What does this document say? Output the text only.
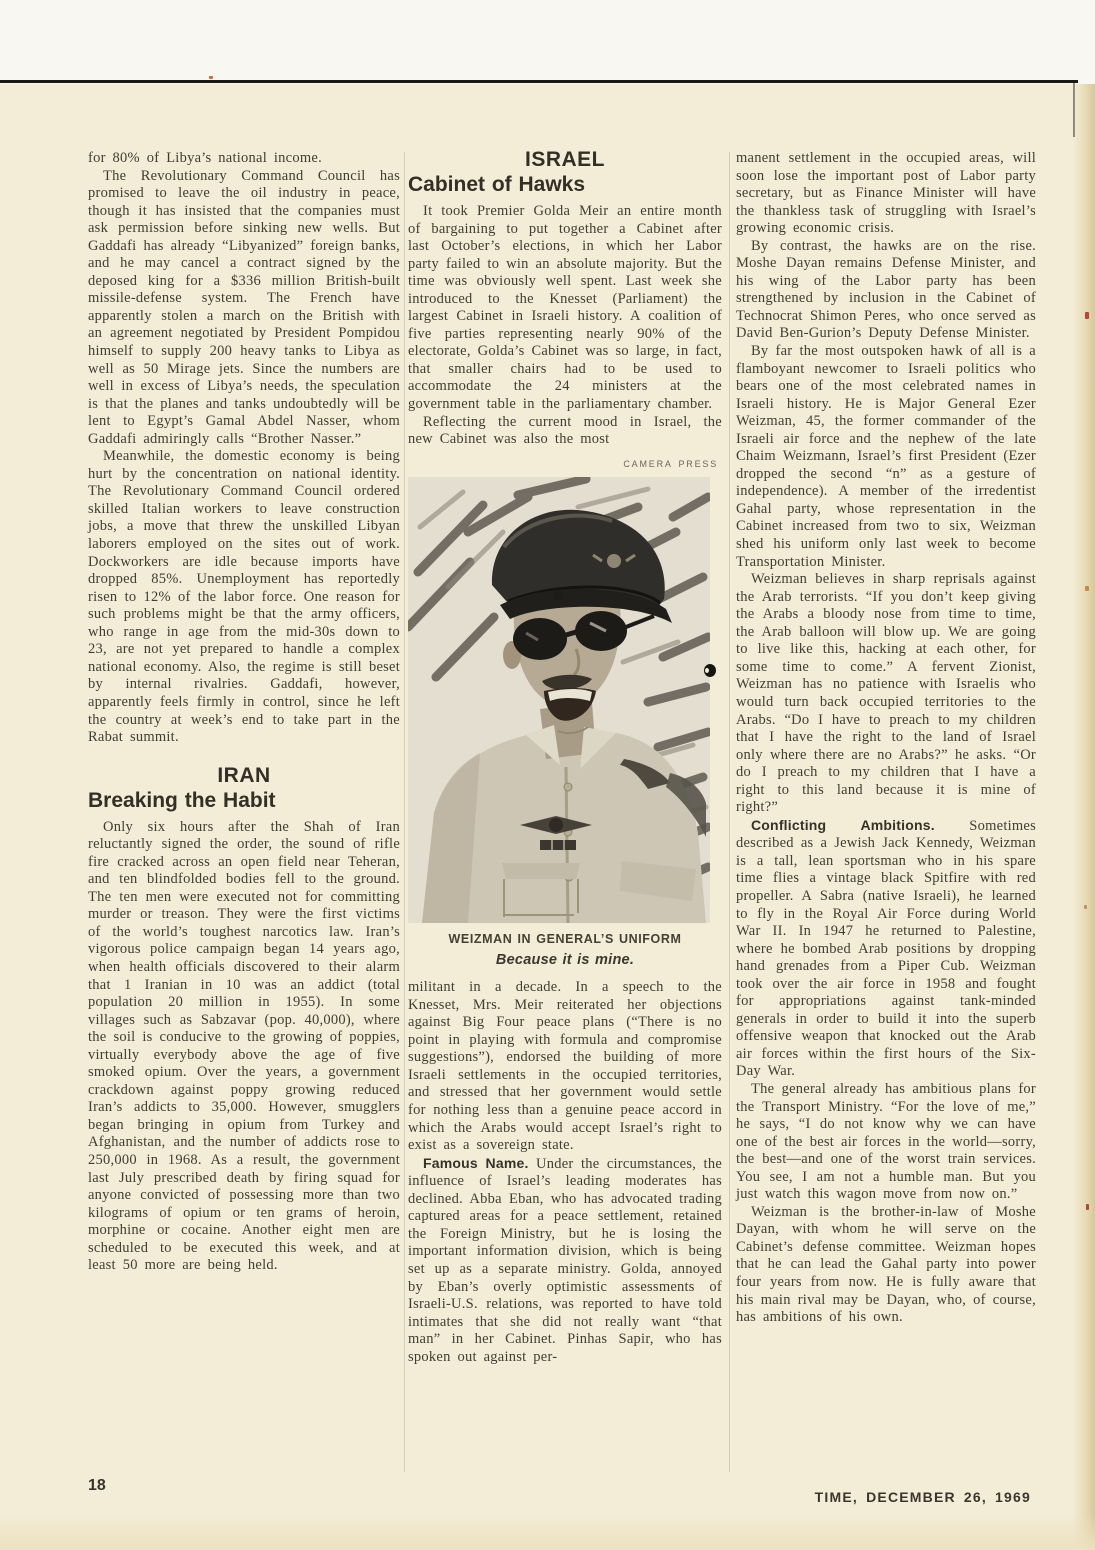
for 80% of Libya’s national income.

The Revolutionary Command Council has promised to leave the oil industry in peace, though it has insisted that the companies must ask permission before sinking new wells. But Gaddafi has already “Libyanized” foreign banks, and he may cancel a contract signed by the deposed king for a $336 million British-built missile-defense system. The French have apparently stolen a march on the British with an agreement negotiated by President Pompidou himself to supply 200 heavy tanks to Libya as well as 50 Mirage jets. Since the numbers are well in excess of Libya’s needs, the speculation is that the planes and tanks undoubtedly will be lent to Egypt’s Gamal Abdel Nasser, whom Gaddafi admiringly calls “Brother Nasser.”

Meanwhile, the domestic economy is being hurt by the concentration on national identity. The Revolutionary Command Council ordered skilled Italian workers to leave construction jobs, a move that threw the unskilled Libyan laborers employed on the sites out of work. Dockworkers are idle because imports have dropped 85%. Unemployment has reportedly risen to 12% of the labor force. One reason for such problems might be that the army officers, who range in age from the mid-30s down to 23, are not yet prepared to handle a complex national economy. Also, the regime is still beset by internal rivalries. Gaddafi, however, apparently feels firmly in control, since he left the country at week’s end to take part in the Rabat summit.

IRAN
Breaking the Habit

Only six hours after the Shah of Iran reluctantly signed the order, the sound of rifle fire cracked across an open field near Teheran, and ten blindfolded bodies fell to the ground. The ten men were executed not for committing murder or treason. They were the first victims of the world’s toughest narcotics law. Iran’s vigorous police campaign began 14 years ago, when health officials discovered to their alarm that 1 Iranian in 10 was an addict (total population 20 million in 1955). In some villages such as Sabzavar (pop. 40,000), where the soil is conducive to the growing of poppies, virtually everybody above the age of five smoked opium. Over the years, a government crackdown against poppy growing reduced Iran’s addicts to 35,000. However, smugglers began bringing in opium from Turkey and Afghanistan, and the number of addicts rose to 250,000 in 1968. As a result, the government last July prescribed death by firing squad for anyone convicted of possessing more than two kilograms of opium or ten grams of heroin, morphine or cocaine. Another eight men are scheduled to be executed this week, and at least 50 more are being held.

ISRAEL
Cabinet of Hawks

It took Premier Golda Meir an entire month of bargaining to put together a Cabinet after last October’s elections, in which her Labor party failed to win an absolute majority. But the time was obviously well spent. Last week she introduced to the Knesset (Parliament) the largest Cabinet in Israeli history. A coalition of five parties representing nearly 90% of the electorate, Golda’s Cabinet was so large, in fact, that smaller chairs had to be used to accommodate the 24 ministers at the government table in the parliamentary chamber.

Reflecting the current mood in Israel, the new Cabinet was also the most

CAMERA PRESS
WEIZMAN IN GENERAL’S UNIFORM
Because it is mine.

militant in a decade. In a speech to the Knesset, Mrs. Meir reiterated her objections against Big Four peace plans (“There is no point in playing with formula and compromise suggestions”), endorsed the building of more Israeli settlements in the occupied territories, and stressed that her government would settle for nothing less than a genuine peace accord in which the Arabs would accept Israel’s right to exist as a sovereign state.

Famous Name. Under the circumstances, the influence of Israel’s leading moderates has declined. Abba Eban, who has advocated trading captured areas for a peace settlement, retained the Foreign Ministry, but he is losing the important information division, which is being set up as a separate ministry. Golda, annoyed by Eban’s overly optimistic assessments of Israeli-U.S. relations, was reported to have told intimates that she did not really want “that man” in her Cabinet. Pinhas Sapir, who has spoken out against per-

manent settlement in the occupied areas, will soon lose the important post of Labor party secretary, but as Finance Minister will have the thankless task of struggling with Israel’s growing economic crisis.

By contrast, the hawks are on the rise. Moshe Dayan remains Defense Minister, and his wing of the Labor party has been strengthened by inclusion in the Cabinet of Technocrat Shimon Peres, who once served as David Ben-Gurion’s Deputy Defense Minister.

By far the most outspoken hawk of all is a flamboyant newcomer to Israeli politics who bears one of the most celebrated names in Israeli history. He is Major General Ezer Weizman, 45, the former commander of the Israeli air force and the nephew of the late Chaim Weizmann, Israel’s first President (Ezer dropped the second “n” as a gesture of independence). A member of the irredentist Gahal party, whose representation in the Cabinet increased from two to six, Weizman shed his uniform only last week to become Transportation Minister.

Weizman believes in sharp reprisals against the Arab terrorists. “If you don’t keep giving the Arabs a bloody nose from time to time, the Arab balloon will blow up. We are going to live like this, hacking at each other, for some time to come.” A fervent Zionist, Weizman has no patience with Israelis who would turn back occupied territories to the Arabs. “Do I have to preach to my children that I have the right to the land of Israel only where there are no Arabs?” he asks. “Or do I preach to my children that I have a right to this land because it is mine of right?”

Conflicting Ambitions. Sometimes described as a Jewish Jack Kennedy, Weizman is a tall, lean sportsman who in his spare time flies a vintage black Spitfire with red propeller. A Sabra (native Israeli), he learned to fly in the Royal Air Force during World War II. In 1947 he returned to Palestine, where he bombed Arab positions by dropping hand grenades from a Piper Cub. Weizman took over the air force in 1958 and fought for appropriations against tank-minded generals in order to build it into the superb offensive weapon that knocked out the Arab air forces within the first hours of the Six-Day War.

The general already has ambitious plans for the Transport Ministry. “For the love of me,” he says, “I do not know why we can have one of the best air forces in the world—sorry, the best—and one of the worst train services. You see, I am not a humble man. But you just watch this wagon move from now on.”

Weizman is the brother-in-law of Moshe Dayan, with whom he will serve on the Cabinet’s defense committee. Weizman hopes that he can lead the Gahal party into power four years from now. He is fully aware that his main rival may be Dayan, who, of course, has ambitions of his own.

18
TIME, DECEMBER 26, 1969
